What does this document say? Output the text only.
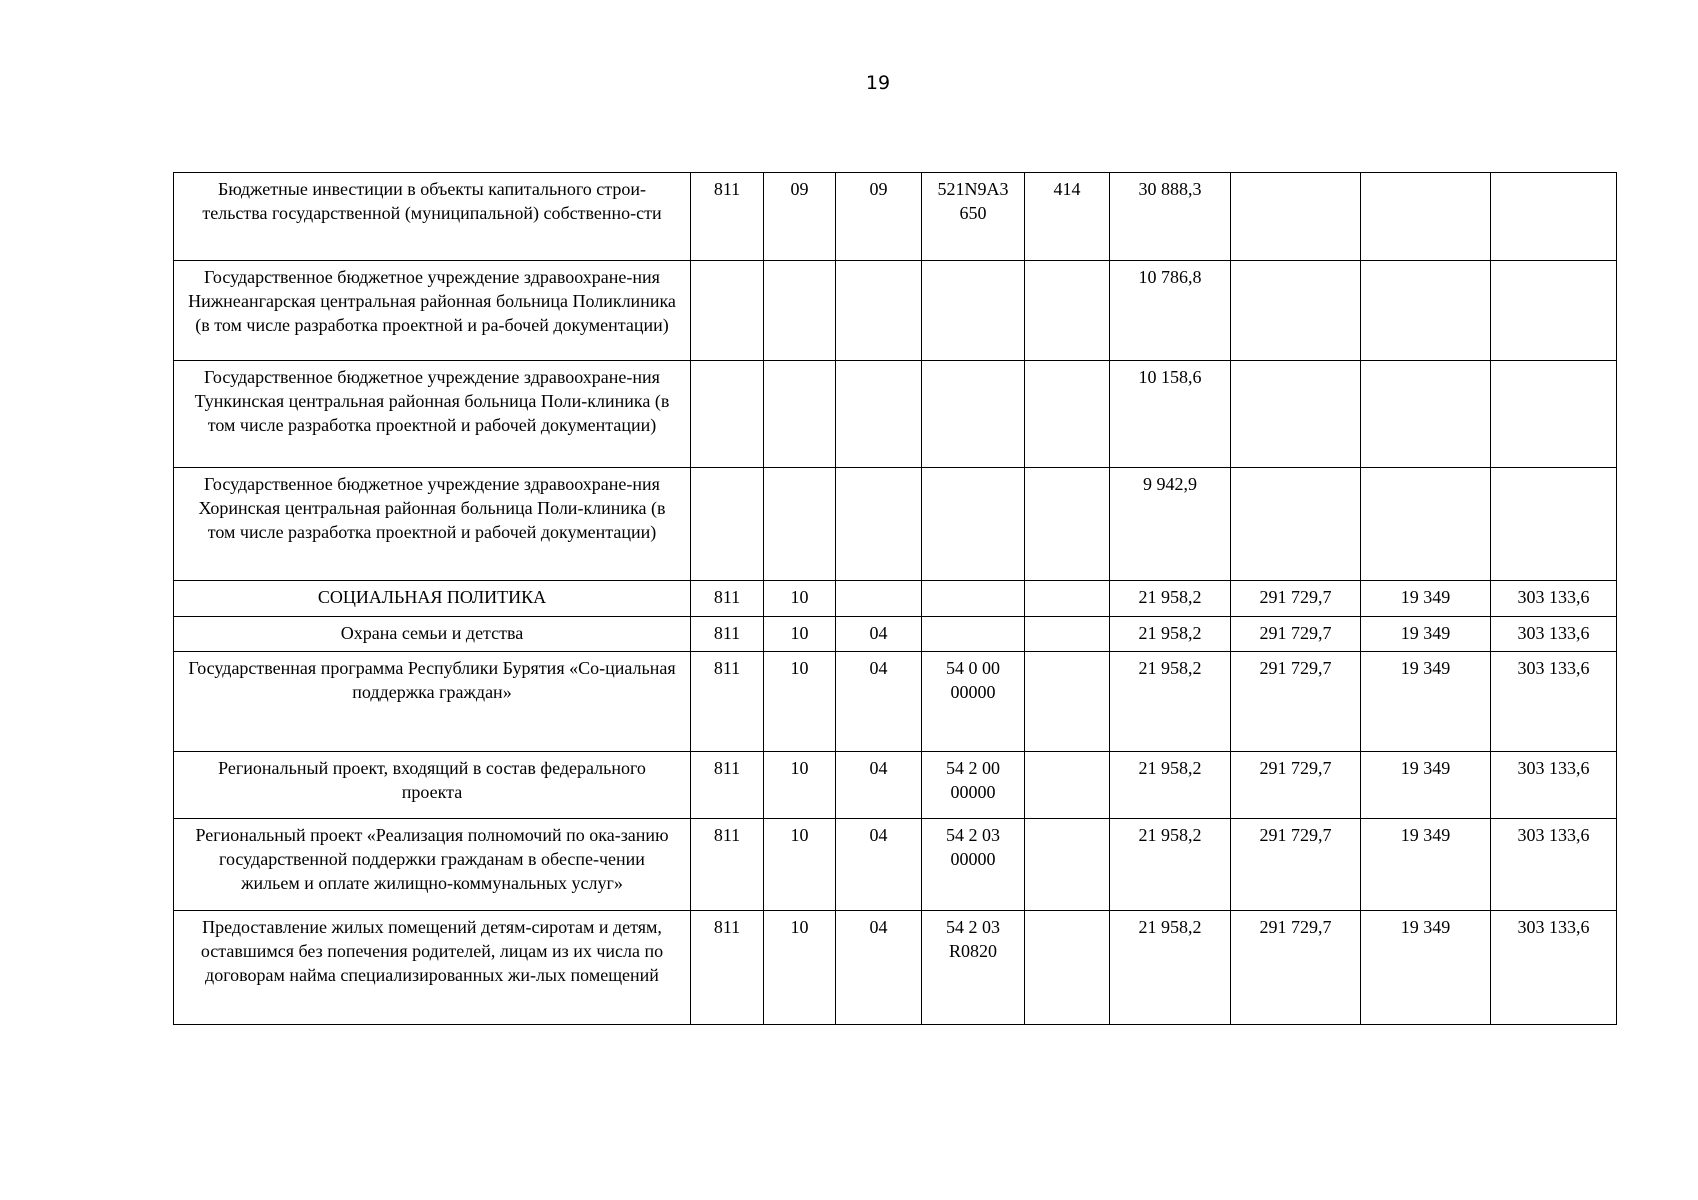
19
Бюджетные инвестиции в объекты капитального строи-тельства государственной (муниципальной) собственно-сти	811	09	09	521N9A3 650	414	30 888,3			
Государственное бюджетное учреждение здравоохране-ния Нижнеангарская центральная районная больница Поликлиника (в том числе разработка проектной и ра-бочей документации)						10 786,8			
Государственное бюджетное учреждение здравоохране-ния Тункинская центральная районная больница Поли-клиника (в том числе разработка проектной и рабочей документации)						10 158,6			
Государственное бюджетное учреждение здравоохране-ния Хоринская центральная районная больница Поли-клиника (в том числе разработка проектной и рабочей документации)						9 942,9			
СОЦИАЛЬНАЯ ПОЛИТИКА	811	10				21 958,2	291 729,7	19 349	303 133,6
Охрана семьи и детства	811	10	04			21 958,2	291 729,7	19 349	303 133,6
Государственная программа Республики Бурятия «Со-циальная поддержка граждан»	811	10	04	54 0 00 00000		21 958,2	291 729,7	19 349	303 133,6
Региональный проект, входящий в состав федерального проекта	811	10	04	54 2 00 00000		21 958,2	291 729,7	19 349	303 133,6
Региональный проект «Реализация полномочий по ока-занию государственной поддержки гражданам в обеспе-чении жильем и оплате жилищно-коммунальных услуг»	811	10	04	54 2 03 00000		21 958,2	291 729,7	19 349	303 133,6
Предоставление жилых помещений детям-сиротам и детям, оставшимся без попечения родителей, лицам из их числа по договорам найма специализированных жи-лых помещений	811	10	04	54 2 03 R0820		21 958,2	291 729,7	19 349	303 133,6
